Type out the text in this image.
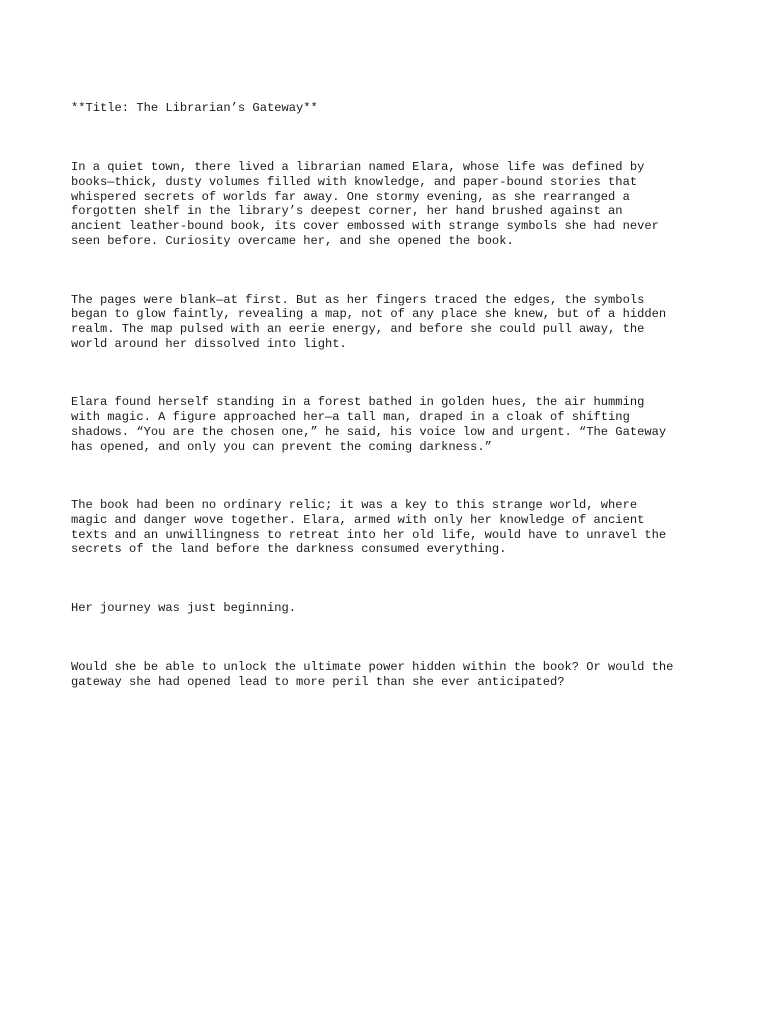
**Title: The Librarian’s Gateway**

In a quiet town, there lived a librarian named Elara, whose life was defined by
books—thick, dusty volumes filled with knowledge, and paper-bound stories that
whispered secrets of worlds far away. One stormy evening, as she rearranged a
forgotten shelf in the library’s deepest corner, her hand brushed against an
ancient leather-bound book, its cover embossed with strange symbols she had never
seen before. Curiosity overcame her, and she opened the book.

The pages were blank—at first. But as her fingers traced the edges, the symbols
began to glow faintly, revealing a map, not of any place she knew, but of a hidden
realm. The map pulsed with an eerie energy, and before she could pull away, the
world around her dissolved into light.

Elara found herself standing in a forest bathed in golden hues, the air humming
with magic. A figure approached her—a tall man, draped in a cloak of shifting
shadows. “You are the chosen one,” he said, his voice low and urgent. “The Gateway
has opened, and only you can prevent the coming darkness.”

The book had been no ordinary relic; it was a key to this strange world, where
magic and danger wove together. Elara, armed with only her knowledge of ancient
texts and an unwillingness to retreat into her old life, would have to unravel the
secrets of the land before the darkness consumed everything.

Her journey was just beginning.

Would she be able to unlock the ultimate power hidden within the book? Or would the
gateway she had opened lead to more peril than she ever anticipated?
